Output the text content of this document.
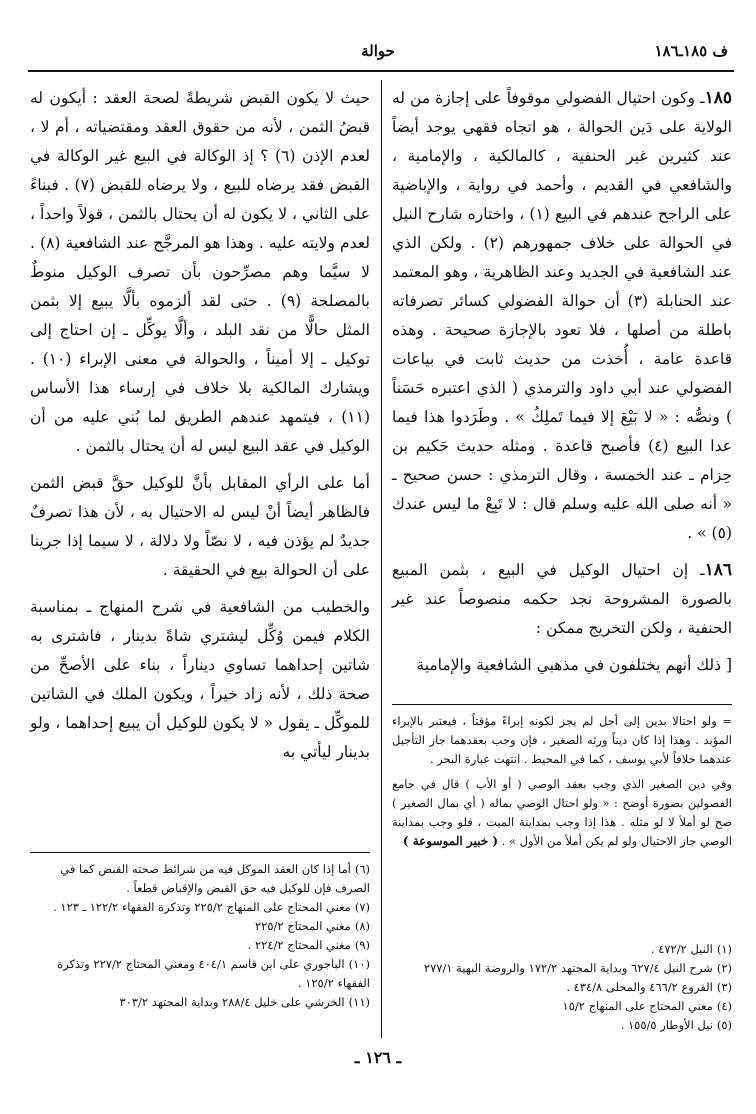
ف ١٨٥ـ١٨٦
حوالة

١٨٥ـ وكون احتيال الفضولي موقوفاً على إجازة من له الولاية على دَين الحوالة ، هو اتجاه فقهي يوجد أيضاً عند كثيرين غير الحنفية ، كالمالكية ، والإمامية ، والشافعي في القديم ، وأحمد في رواية ، والإباضية على الراجح عندهم في البيع (١) ، واختاره شارح النيل في الحوالة على خلاف جمهورهم (٢) . ولكن الذي عند الشافعية في الجديد وعند الظاهرية ، وهو المعتمد عند الحنابلة (٣) أن حوالة الفضولي كسائر تصرفاته باطلة من أصلها ، فلا تعود بالإجازة صحيحة . وهذه قاعدة عامة ، أُخذت من حديث ثابت في بياعات الفضولي عند أبي داود والترمذي ( الذي اعتبره حَسَناً ) ونصُّه : « لا بَيْعَ إلا فيما تَملِكُ » . وطَرَدوا هذا فيما عدا البيع (٤) فأصبح قاعدة . ومثله حديث حَكيم بن حِزام ـ عند الخمسة ، وقال الترمذي : حسن صحيح ـ « أنه صلى الله عليه وسلم قال : لا تَبِعْ ما ليس عندك (٥) » .

١٨٦ـ إن احتيال الوكيل في البيع ، بثمن المبيع بالصورة المشروحة نجد حكمه منصوصاً عند غير الحنفية ، ولكن التخريج ممكن :

[ ذلك أنهم يختلفون في مذهبي الشافعية والإمامية

حيث لا يكون القبض شريطةً لصحة العقد : أيكون له قبضُ الثمن ، لأنه من حقوق العقد ومقتضياته ، أم لا ، لعدم الإذن (٦) ؟ إذ الوكالة في البيع غير الوكالة في القبض فقد يرضاه للبيع ، ولا يرضاه للقبض (٧) . فبناءً على الثاني ، لا يكون له أن يحتال بالثمن ، قولاً واحداً ، لعدم ولايته عليه . وهذا هو المرجَّح عند الشافعية (٨) . لا سيَّما وهم مصرِّحون بأن تصرف الوكيل منوطٌ بالمصلحة (٩) . حتى لقد ألزموه بألَّا يبيع إلا بثمن المثل حالًّا من نقد البلد ، وألَّا يوكِّل ـ إن احتاج إلى توكيل ـ إلا أميناً ، والحوالة في معنى الإبراء (١٠) . ويشارك المالكية بلا خلاف في إرساء هذا الأساس (١١) ، فيتمهد عندهم الطريق لما بُني عليه من أن الوكيل في عقد البيع ليس له أن يحتال بالثمن .

أما على الرأي المقابل بأنَّ للوكيل حقَّ قبض الثمن فالظاهر أيضاً أنْ ليس له الاحتيال به ، لأن هذا تصرفٌ جديدٌ لم يؤذن فيه ، لا نصّاً ولا دلالة ، لا سيما إذا جرينا على أن الحوالة بيع في الحقيقة .

والخطيب من الشافعية في شرح المنهاج ـ بمناسبة الكلام فيمن وُكِّل ليشتري شاةً بدينار ، فاشترى به شاتين إحداهما تساوي ديناراً ، بناء على الأصحِّ من صحة ذلك ، لأنه زاد خيراً ، ويكون الملك في الشاتين للموكِّل ـ يقول « لا يكون للوكيل أن يبيع إحداهما ، ولو بدينار ليأتي به

= ولو احتالا بدين إلى أجل لم يجز لكونه إبراءً مؤقتاً ، فيعتبر بالإبراء المؤبد . وهذا إذا كان ديناً ورثه الصغير ، فإن وجب بعقدهما جاز التأجيل عندهما خلافاً لأبي يوسف ، كما في المحيط . انتهت عبارة البحر .

وفي دين الصغير الذي وجب بعقد الوصي ( أو الأب ) قال في جامع الفصولين بصورة أوضح : « ولو احتال الوصي بماله ( أي بمال الصغير ) صح لو أملأ لا لو مثله . هذا إذا وجب بمداينة الميت ، فلو وجب بمداينة الوصي جاز الاحتيال ولو لم يكن أملأ من الأول » . ( خبير الموسوعة )

(١)النيل ٤٧٢/٢ .

(٢)شرح النيل ٦٢٧/٤ وبداية المجتهد ١٧٢/٢ والروضة البهية ٢٧٧/١

(٣)الفروع ٤٦٦/٢ والمحلى ٤٣٤/٨ .

(٤)مغني المحتاج على المنهاج ١٥/٢

(٥)نيل الأوطار ١٥٥/٥ .

(٦)أما إذا كان العقد الموكل فيه من شرائط صحته القبض كما في الصرف فإن للوكيل فيه حق القبض والإقباض قطعاً .

(٧)مغني المحتاج على المنهاج ٢٢٥/٢ وتذكرة الفقهاء ١٢٢/٢ ـ ١٢٣ .

(٨)مغني المحتاج ٢٢٥/٢

(٩)مغني المحتاج ٢٢٤/٢ .

(١٠)الباجوري على ابن قاسم ٤٠٤/١ ومغني المحتاج ٢٢٧/٢ وتذكرة الفقهاء ١٢٥/٢ .

(١١)الخرشي على خليل ٢٨٨/٤ وبداية المجتهد ٣٠٣/٢

ـ ١٢٦ ـ
